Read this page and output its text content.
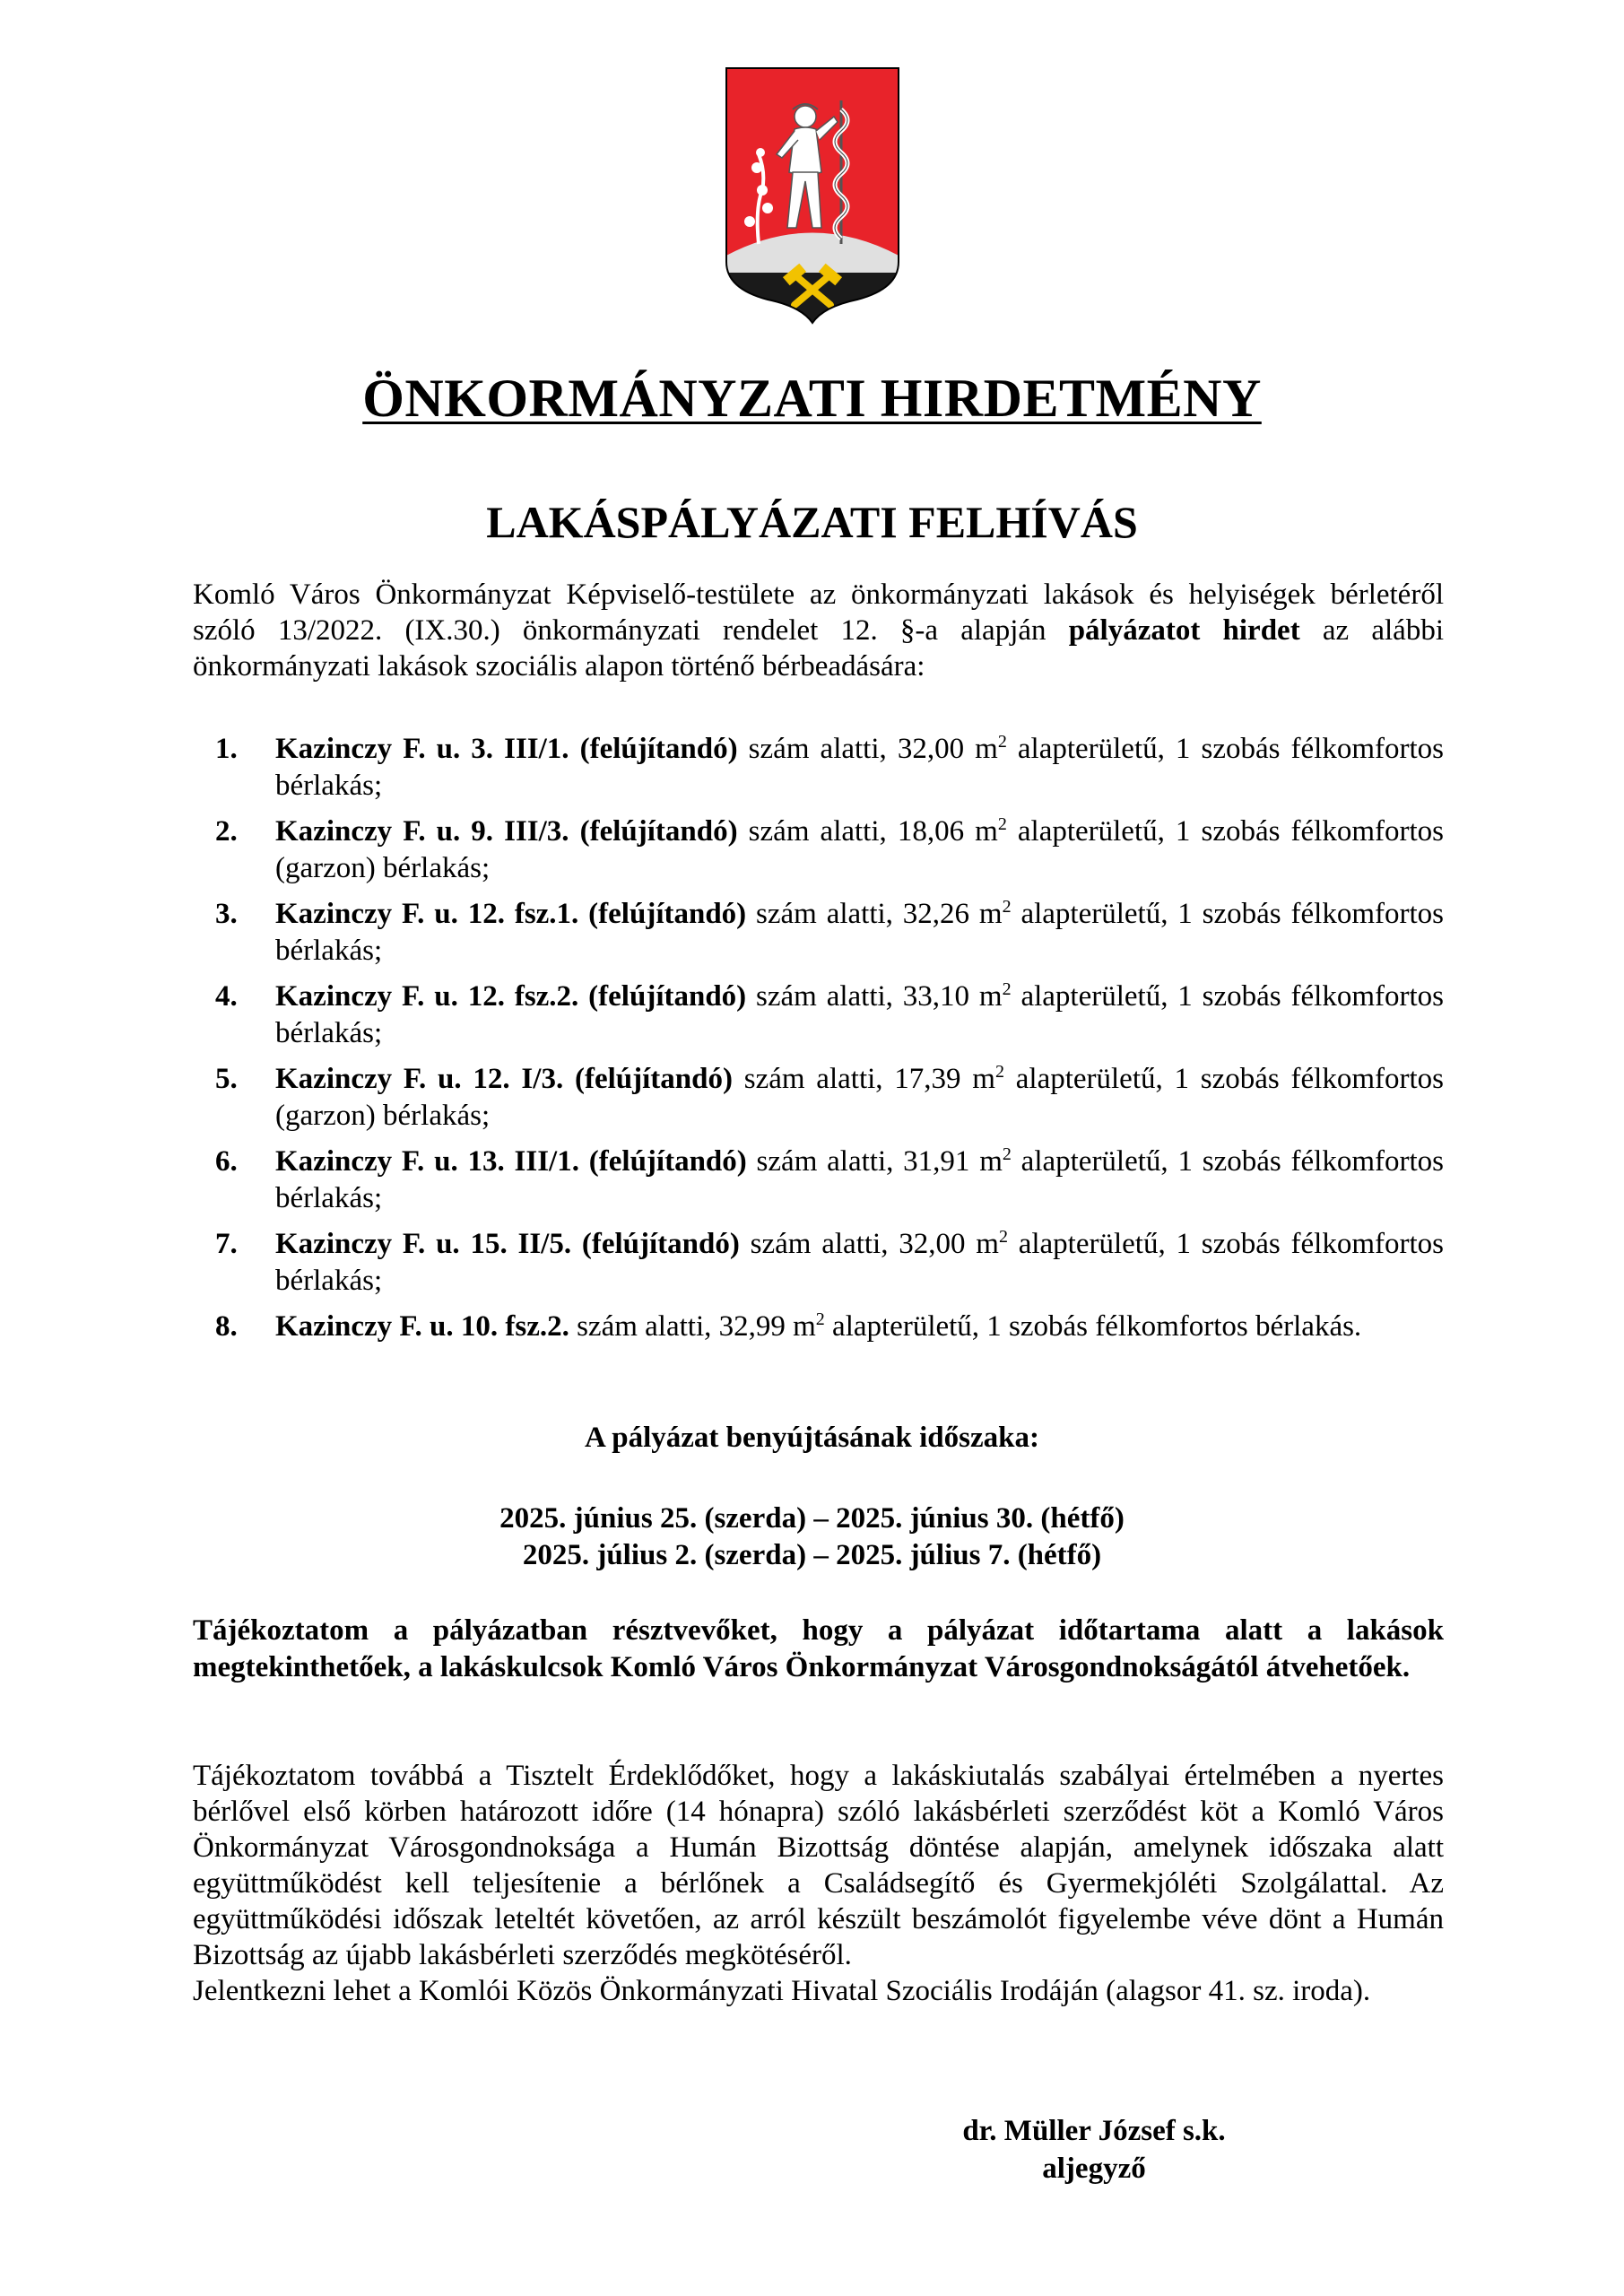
ÖNKORMÁNYZATI HIRDETMÉNY
LAKÁSPÁLYÁZATI FELHÍVÁS
Komló Város Önkormányzat Képviselő-testülete az önkormányzati lakások és helyiségek bérletéről szóló 13/2022. (IX.30.) önkormányzati rendelet 12. §-a alapján pályázatot hirdet az alábbi önkormányzati lakások szociális alapon történő bérbeadására:
1. Kazinczy F. u. 3. III/1. (felújítandó) szám alatti, 32,00 $m^2$ alapterületű, 1 szobás félkomfortos bérlakás;
2. Kazinczy F. u. 9. III/3. (felújítandó) szám alatti, 18,06 $m^2$ alapterületű, 1 szobás félkomfortos (garzon) bérlakás;
3. Kazinczy F. u. 12. fsz.1. (felújítandó) szám alatti, 32,26 $m^2$ alapterületű, 1 szobás félkomfortos bérlakás;
4. Kazinczy F. u. 12. fsz.2. (felújítandó) szám alatti, 33,10 $m^2$ alapterületű, 1 szobás félkomfortos bérlakás;
5. Kazinczy F. u. 12. I/3. (felújítandó) szám alatti, 17,39 $m^2$ alapterületű, 1 szobás félkomfortos (garzon) bérlakás;
6. Kazinczy F. u. 13. III/1. (felújítandó) szám alatti, 31,91 $m^2$ alapterületű, 1 szobás félkomfortos bérlakás;
7. Kazinczy F. u. 15. II/5. (felújítandó) szám alatti, 32,00 $m^2$ alapterületű, 1 szobás félkomfortos bérlakás;
8. Kazinczy F. u. 10. fsz.2. szám alatti, 32,99 $m^2$ alapterületű, 1 szobás félkomfortos bérlakás.
A pályázat benyújtásának időszaka:
2025. június 25. (szerda) – 2025. június 30. (hétfő)
2025. július 2. (szerda) – 2025. július 7. (hétfő)
Tájékoztatom a pályázatban résztvevőket, hogy a pályázat időtartama alatt a lakások megtekinthetőek, a lakáskulcsok Komló Város Önkormányzat Városgondnokságától átvehetőek.
Tájékoztatom továbbá a Tisztelt Érdeklődőket, hogy a lakáskiutalás szabályai értelmében a nyertes bérlővel első körben határozott időre (14 hónapra) szóló lakásbérleti szerződést köt a Komló Város Önkormányzat Városgondnoksága a Humán Bizottság döntése alapján, amelynek időszaka alatt együttműködést kell teljesítenie a bérlőnek a Családsegítő és Gyermekjóléti Szolgálattal. Az együttműködési időszak leteltét követően, az arról készült beszámolót figyelembe véve dönt a Humán Bizottság az újabb lakásbérleti szerződés megkötéséről.
Jelentkezni lehet a Komlói Közös Önkormányzati Hivatal Szociális Irodáján (alagsor 41. sz. iroda).
dr. Müller József s.k.
aljegyző
